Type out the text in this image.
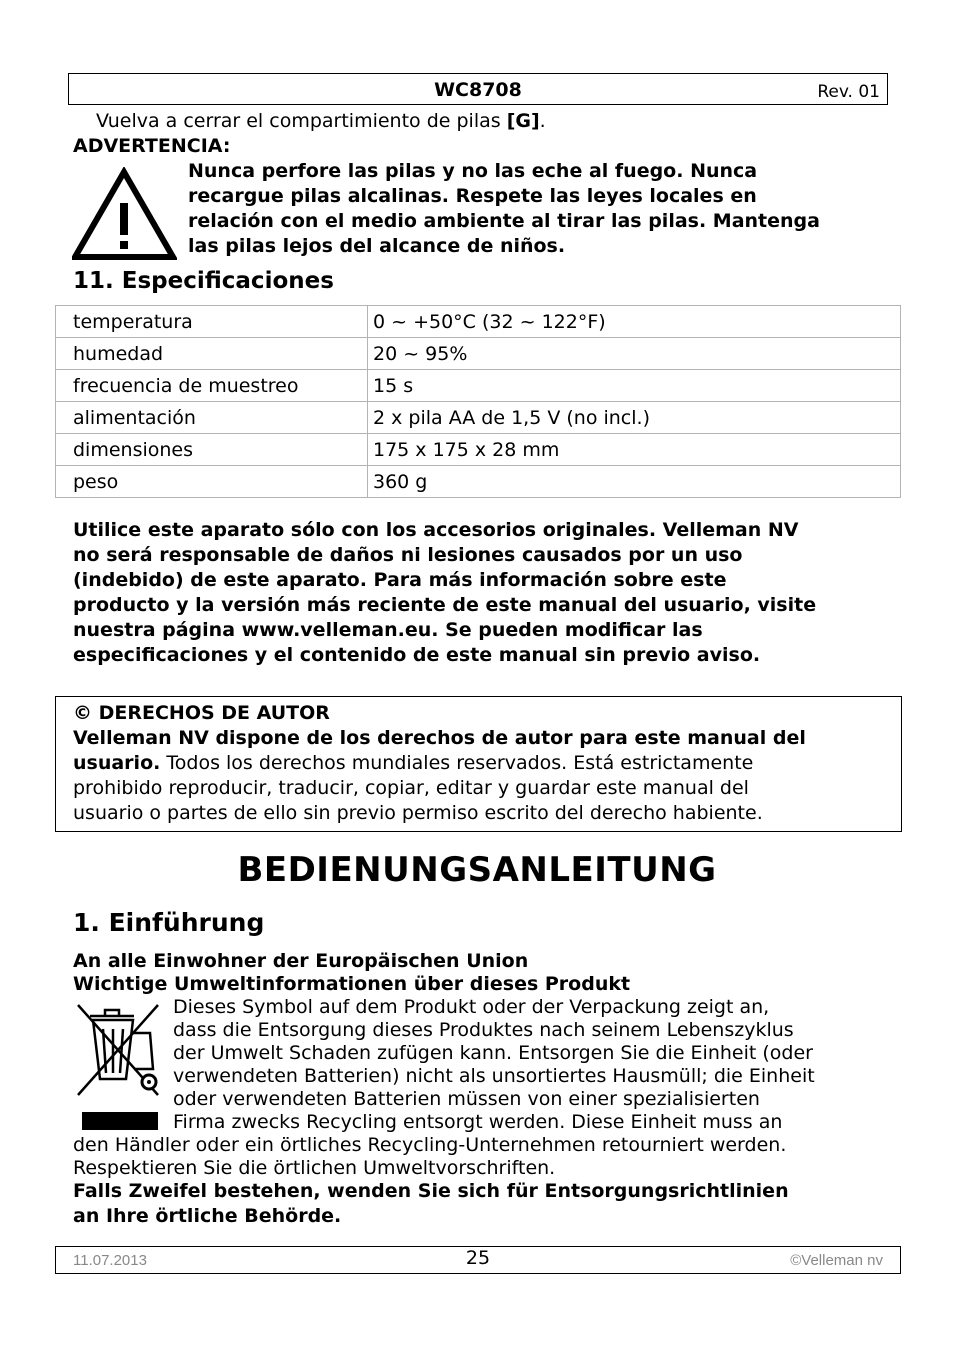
WC8708	Rev. 01
Vuelva a cerrar el compartimiento de pilas [G].
ADVERTENCIA:
Nunca perfore las pilas y no las eche al fuego. Nunca
recargue pilas alcalinas. Respete las leyes locales en
relación con el medio ambiente al tirar las pilas. Mantenga
las pilas lejos del alcance de niños.
11. Especificaciones
temperatura	0 ~ +50°C (32 ~ 122°F)
humedad	20 ~ 95%
frecuencia de muestreo	15 s
alimentación	2 x pila AA de 1,5 V (no incl.)
dimensiones	175 x 175 x 28 mm
peso	360 g
Utilice este aparato sólo con los accesorios originales. Velleman NV
no será responsable de daños ni lesiones causados por un uso
(indebido) de este aparato. Para más información sobre este
producto y la versión más reciente de este manual del usuario, visite
nuestra página www.velleman.eu. Se pueden modificar las
especificaciones y el contenido de este manual sin previo aviso.
© DERECHOS DE AUTOR
Velleman NV dispone de los derechos de autor para este manual del
usuario. Todos los derechos mundiales reservados. Está estrictamente
prohibido reproducir, traducir, copiar, editar y guardar este manual del
usuario o partes de ello sin previo permiso escrito del derecho habiente.
BEDIENUNGSANLEITUNG
1. Einführung
An alle Einwohner der Europäischen Union
Wichtige Umweltinformationen über dieses Produkt
Dieses Symbol auf dem Produkt oder der Verpackung zeigt an,
dass die Entsorgung dieses Produktes nach seinem Lebenszyklus
der Umwelt Schaden zufügen kann. Entsorgen Sie die Einheit (oder
verwendeten Batterien) nicht als unsortiertes Hausmüll; die Einheit
oder verwendeten Batterien müssen von einer spezialisierten
Firma zwecks Recycling entsorgt werden. Diese Einheit muss an
den Händler oder ein örtliches Recycling-Unternehmen retourniert werden.
Respektieren Sie die örtlichen Umweltvorschriften.
Falls Zweifel bestehen, wenden Sie sich für Entsorgungsrichtlinien
an Ihre örtliche Behörde.
11.07.2013	25	©Velleman nv
